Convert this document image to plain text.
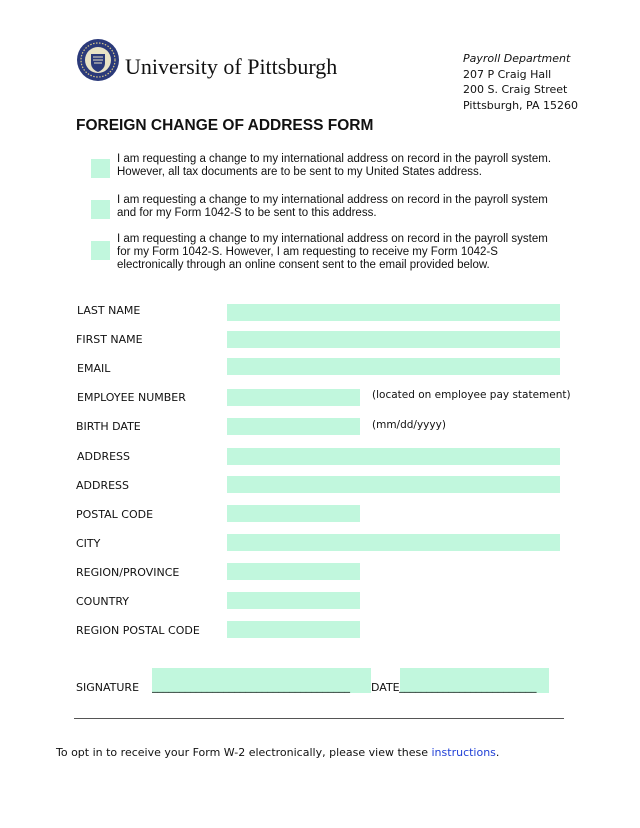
University of Pittsburgh	Payroll Department
207 P Craig Hall
200 S. Craig Street
Pittsburgh, PA 15260
FOREIGN CHANGE OF ADDRESS FORM
I am requesting a change to my international address on record in the payroll system.
However, all tax documents are to be sent to my United States address.
I am requesting a change to my international address on record in the payroll system
and for my Form 1042-S to be sent to this address.
I am requesting a change to my international address on record in the payroll system
for my Form 1042-S. However, I am requesting to receive my Form 1042-S
electronically through an online consent sent to the email provided below.
LAST NAME
FIRST NAME
EMAIL
EMPLOYEE NUMBER	(located on employee pay statement)
BIRTH DATE	(mm/dd/yyyy)
ADDRESS
ADDRESS
POSTAL CODE
CITY
REGION/PROVINCE
COUNTRY
REGION POSTAL CODE
SIGNATURE ____________________________________	DATE _________________________
To opt in to receive your Form W-2 electronically, please view these instructions.
